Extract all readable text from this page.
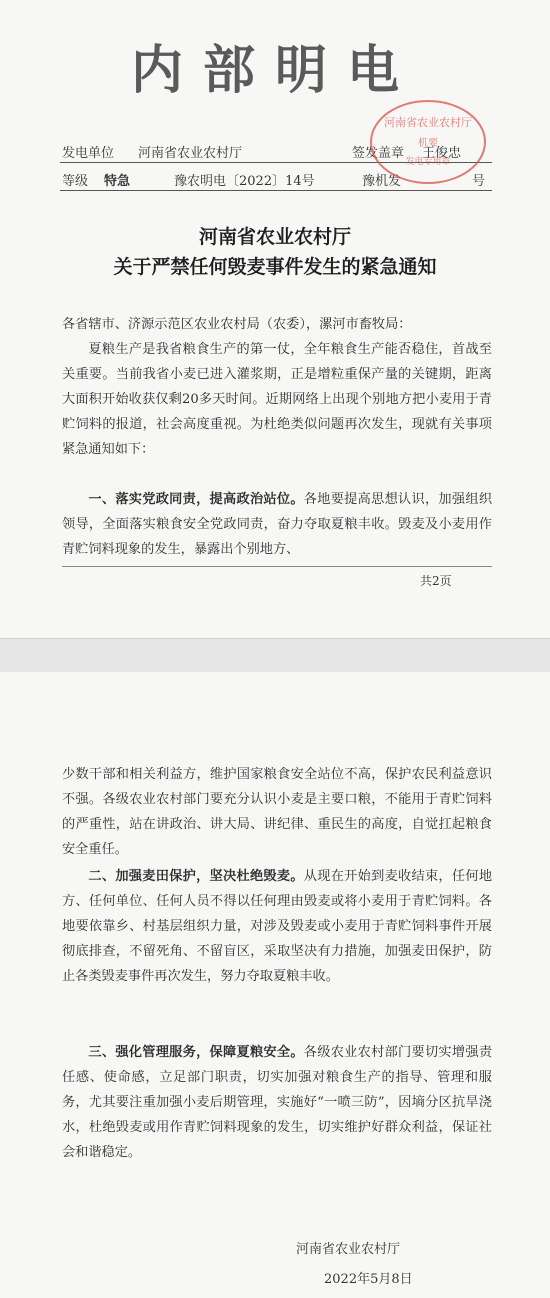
内部明电
发电单位 河南省农业农村厅	签发盖章 王俊忠
等级 特急	豫农明电〔2022〕14号	豫机发	号
河南省农业农村厅
机要
发电专用章
河南省农业农村厅
关于严禁任何毁麦事件发生的紧急通知
各省辖市、济源示范区农业农村局（农委），漯河市畜牧局：
夏粮生产是我省粮食生产的第一仗，全年粮食生产能否稳住，首战至关重要。当前我省小麦已进入灌浆期，正是增粒重保产量的关键期，距离大面积开始收获仅剩20多天时间。近期网络上出现个别地方把小麦用于青贮饲料的报道，社会高度重视。为杜绝类似问题再次发生，现就有关事项紧急通知如下：
一、落实党政同责，提高政治站位。各地要提高思想认识，加强组织领导，全面落实粮食安全党政同责，奋力夺取夏粮丰收。毁麦及小麦用作青贮饲料现象的发生，暴露出个别地方、
共2页
少数干部和相关利益方，维护国家粮食安全站位不高，保护农民利益意识不强。各级农业农村部门要充分认识小麦是主要口粮，不能用于青贮饲料的严重性，站在讲政治、讲大局、讲纪律、重民生的高度，自觉扛起粮食安全重任。
二、加强麦田保护，坚决杜绝毁麦。从现在开始到麦收结束，任何地方、任何单位、任何人员不得以任何理由毁麦或将小麦用于青贮饲料。各地要依靠乡、村基层组织力量，对涉及毁麦或小麦用于青贮饲料事件开展彻底排查，不留死角、不留盲区，采取坚决有力措施，加强麦田保护，防止各类毁麦事件再次发生，努力夺取夏粮丰收。
三、强化管理服务，保障夏粮安全。各级农业农村部门要切实增强责任感、使命感，立足部门职责，切实加强对粮食生产的指导、管理和服务，尤其要注重加强小麦后期管理，实施好“一喷三防”，因墒分区抗旱浇水，杜绝毁麦或用作青贮饲料现象的发生，切实维护好群众利益，保证社会和谐稳定。
河南省农业农村厅
2022年5月8日
